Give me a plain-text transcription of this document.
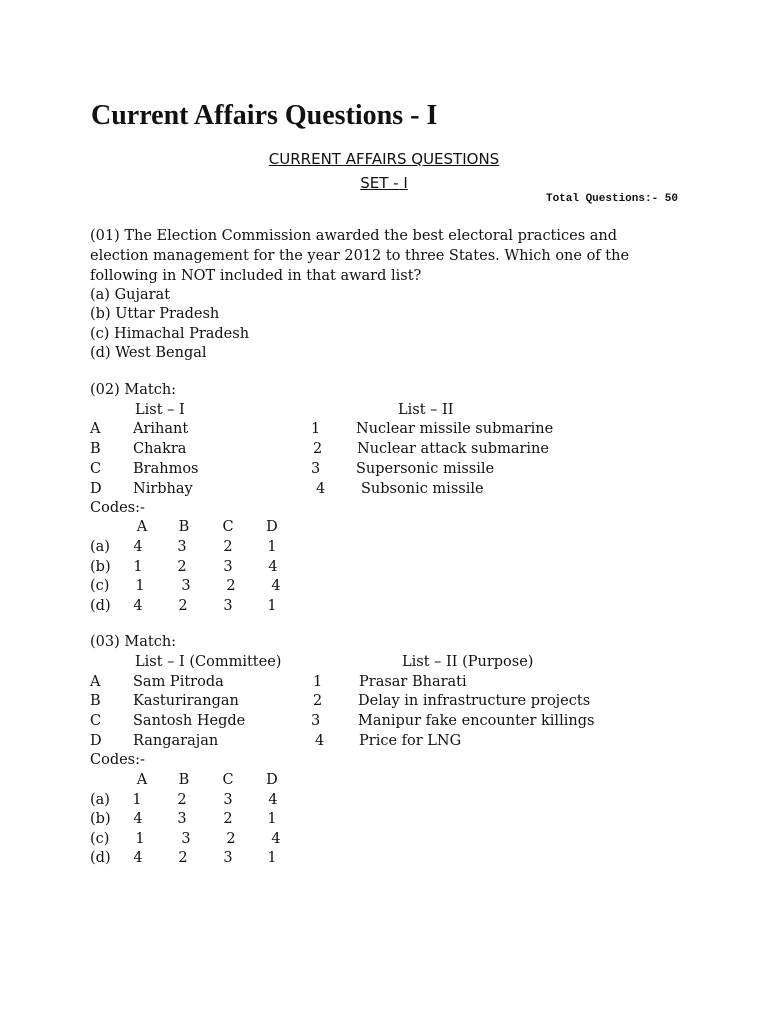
Current Affairs Questions - I
CURRENT AFFAIRS QUESTIONS
SET - I
Total Questions:- 50
(01) The Election Commission awarded the best electoral practices and
election management for the year 2012 to three States. Which one of the
following in NOT included in that award list?
(a) Gujarat
(b) Uttar Pradesh
(c) Himachal Pradesh
(d) West Bengal
(02) Match:
List – I	List – II
A Arihant	1 Nuclear missile submarine
B Chakra	2 Nuclear attack submarine
C Brahmos	3 Supersonic missile
D Nirbhay	4 Subsonic missile
Codes:-
A	B	C	D
(a)	4	3	2	1
(b)	1	2	3	4
(c)	1	3	2	4
(d)	4	2	3	1
(03) Match:
List – I (Committee)	List – II (Purpose)
A Sam Pitroda	1	Prasar Bharati
B Kasturirangan	2 Delay in infrastructure projects
C Santosh Hegde	3	Manipur fake encounter killings
D Rangarajan	4 Price for LNG
Codes:-
A	B	C	D
(a)	1	2	3	4
(b)	4	3	2	1
(c)	1	3	2	4
(d)	4	2	3	1
